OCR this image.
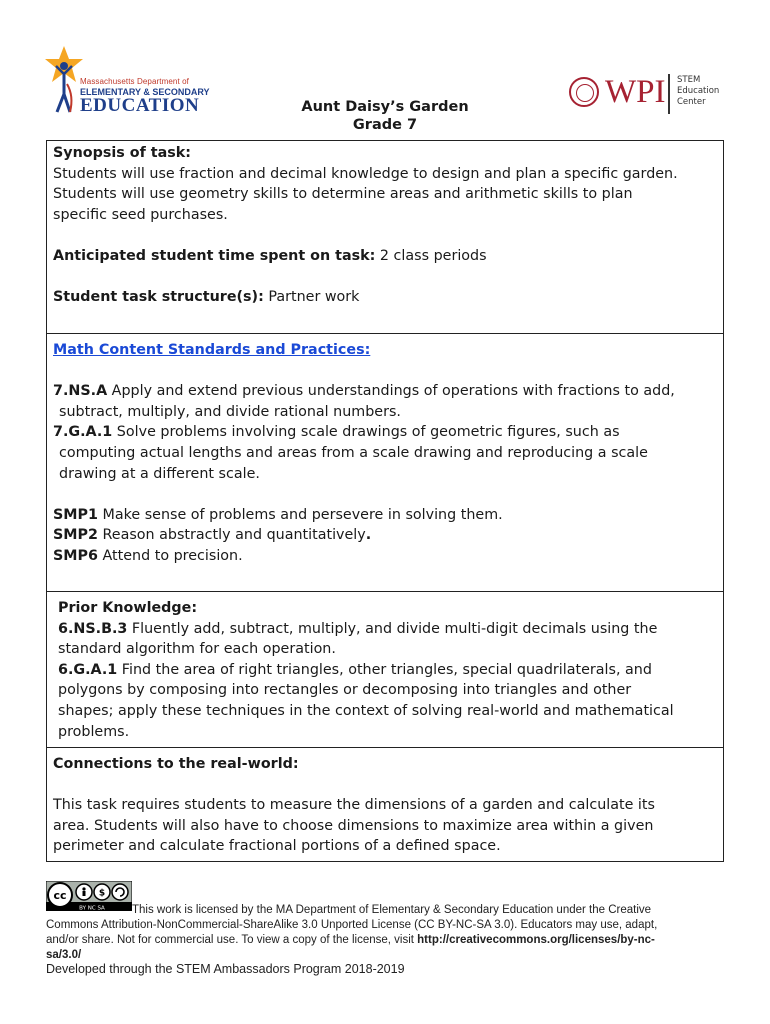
Massachusetts Department of
ELEMENTARY & SECONDARY
EDUCATION	Aunt Daisy’s Garden
Grade 7
WPI STEM
Education
Center
Synopsis of task:
Students will use fraction and decimal knowledge to design and plan a specific garden.
Students will use geometry skills to determine areas and arithmetic skills to plan
specific seed purchases.
Anticipated student time spent on task: 2 class periods
Student task structure(s): Partner work
Math Content Standards and Practices:
7.NS.A Apply and extend previous understandings of operations with fractions to add,
subtract, multiply, and divide rational numbers.
7.G.A.1 Solve problems involving scale drawings of geometric figures, such as
computing actual lengths and areas from a scale drawing and reproducing a scale
drawing at a different scale.
SMP1 Make sense of problems and persevere in solving them.
SMP2 Reason abstractly and quantitatively.
SMP6 Attend to precision.
Prior Knowledge:
6.NS.B.3 Fluently add, subtract, multiply, and divide multi-digit decimals using the
standard algorithm for each operation.
6.G.A.1 Find the area of right triangles, other triangles, special quadrilaterals, and
polygons by composing into rectangles or decomposing into triangles and other
shapes; apply these techniques in the context of solving real-world and mathematical
problems.
Connections to the real-world:
This task requires students to measure the dimensions of a garden and calculate its
area. Students will also have to choose dimensions to maximize area within a given
perimeter and calculate fractional portions of a defined space.
cc	$
BY NC SA	This work is licensed by the MA Department of Elementary & Secondary Education under the Creative
Commons Attribution-NonCommercial-ShareAlike 3.0 Unported License (CC BY-NC-SA 3.0). Educators may use, adapt,
and/or share. Not for commercial use. To view a copy of the license, visit http://creativecommons.org/licenses/by-nc-
sa/3.0/
Developed through the STEM Ambassadors Program 2018-2019
